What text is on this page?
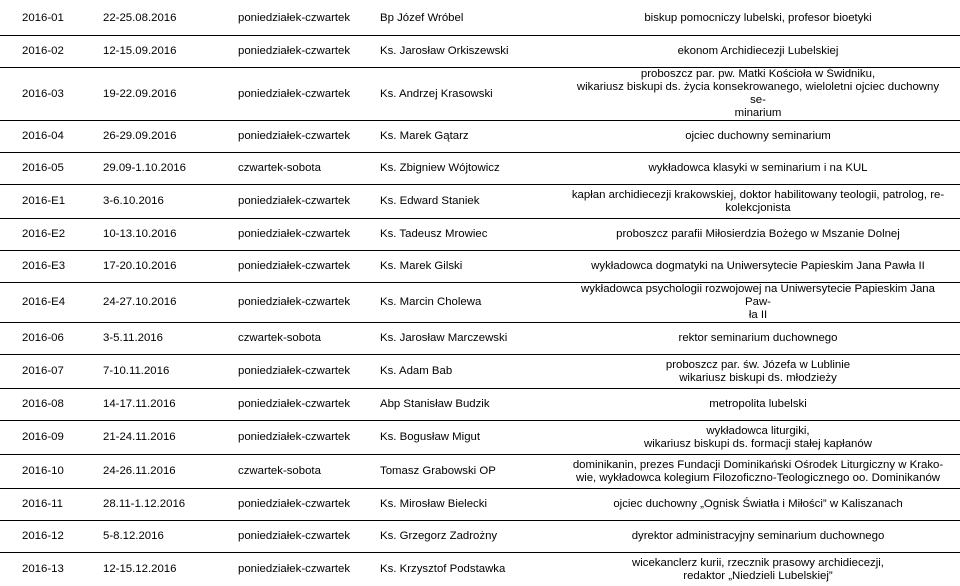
2016-01	22-25.08.2016	poniedziałek-czwartek	Bp Józef Wróbel	biskup pomocniczy lubelski, profesor bioetyki

2016-02	12-15.09.2016	poniedziałek-czwartek	Ks. Jarosław Orkiszewski	ekonom Archidiecezji Lubelskiej

2016-03	19-22.09.2016	poniedziałek-czwartek	Ks. Andrzej Krasowski	proboszcz par. pw. Matki Kościoła w Świdniku,
wikariusz biskupi ds. życia konsekrowanego, wieloletni ojciec duchowny se-
minarium

2016-04	26-29.09.2016	poniedziałek-czwartek	Ks. Marek Gątarz	ojciec duchowny seminarium

2016-05	29.09-1.10.2016	czwartek-sobota	Ks. Zbigniew Wójtowicz	wykładowca klasyki w seminarium i na KUL

2016-E1	3-6.10.2016	poniedziałek-czwartek	Ks. Edward Staniek	kapłan archidiecezji krakowskiej, doktor habilitowany teologii, patrolog, re-
kolekcjonista

2016-E2	10-13.10.2016	poniedziałek-czwartek	Ks. Tadeusz Mrowiec	proboszcz parafii Miłosierdzia Bożego w Mszanie Dolnej

2016-E3	17-20.10.2016	poniedziałek-czwartek	Ks. Marek Gilski	wykładowca dogmatyki na Uniwersytecie Papieskim Jana Pawła II

2016-E4	24-27.10.2016	poniedziałek-czwartek	Ks. Marcin Cholewa	wykładowca psychologii rozwojowej na Uniwersytecie Papieskim Jana Paw-
ła II

2016-06	3-5.11.2016	czwartek-sobota	Ks. Jarosław Marczewski	rektor seminarium duchownego

2016-07	7-10.11.2016	poniedziałek-czwartek	Ks. Adam Bab	proboszcz par. św. Józefa w Lublinie
wikariusz biskupi ds. młodzieży

2016-08	14-17.11.2016	poniedziałek-czwartek	Abp Stanisław Budzik	metropolita lubelski

2016-09	21-24.11.2016	poniedziałek-czwartek	Ks. Bogusław Migut	wykładowca liturgiki,
wikariusz biskupi ds. formacji stałej kapłanów

2016-10	24-26.11.2016	czwartek-sobota	Tomasz Grabowski OP	dominikanin, prezes Fundacji Dominikański Ośrodek Liturgiczny w Krako-
wie, wykładowca kolegium Filozoficzno-Teologicznego oo. Dominikanów

2016-11	28.11-1.12.2016	poniedziałek-czwartek	Ks. Mirosław Bielecki	ojciec duchowny „Ognisk Światła i Miłości” w Kaliszanach

2016-12	5-8.12.2016	poniedziałek-czwartek	Ks. Grzegorz Zadrożny	dyrektor administracyjny seminarium duchownego

2016-13	12-15.12.2016	poniedziałek-czwartek	Ks. Krzysztof Podstawka	wicekanclerz kurii, rzecznik prasowy archidiecezji,
redaktor „Niedzieli Lubelskiej”
